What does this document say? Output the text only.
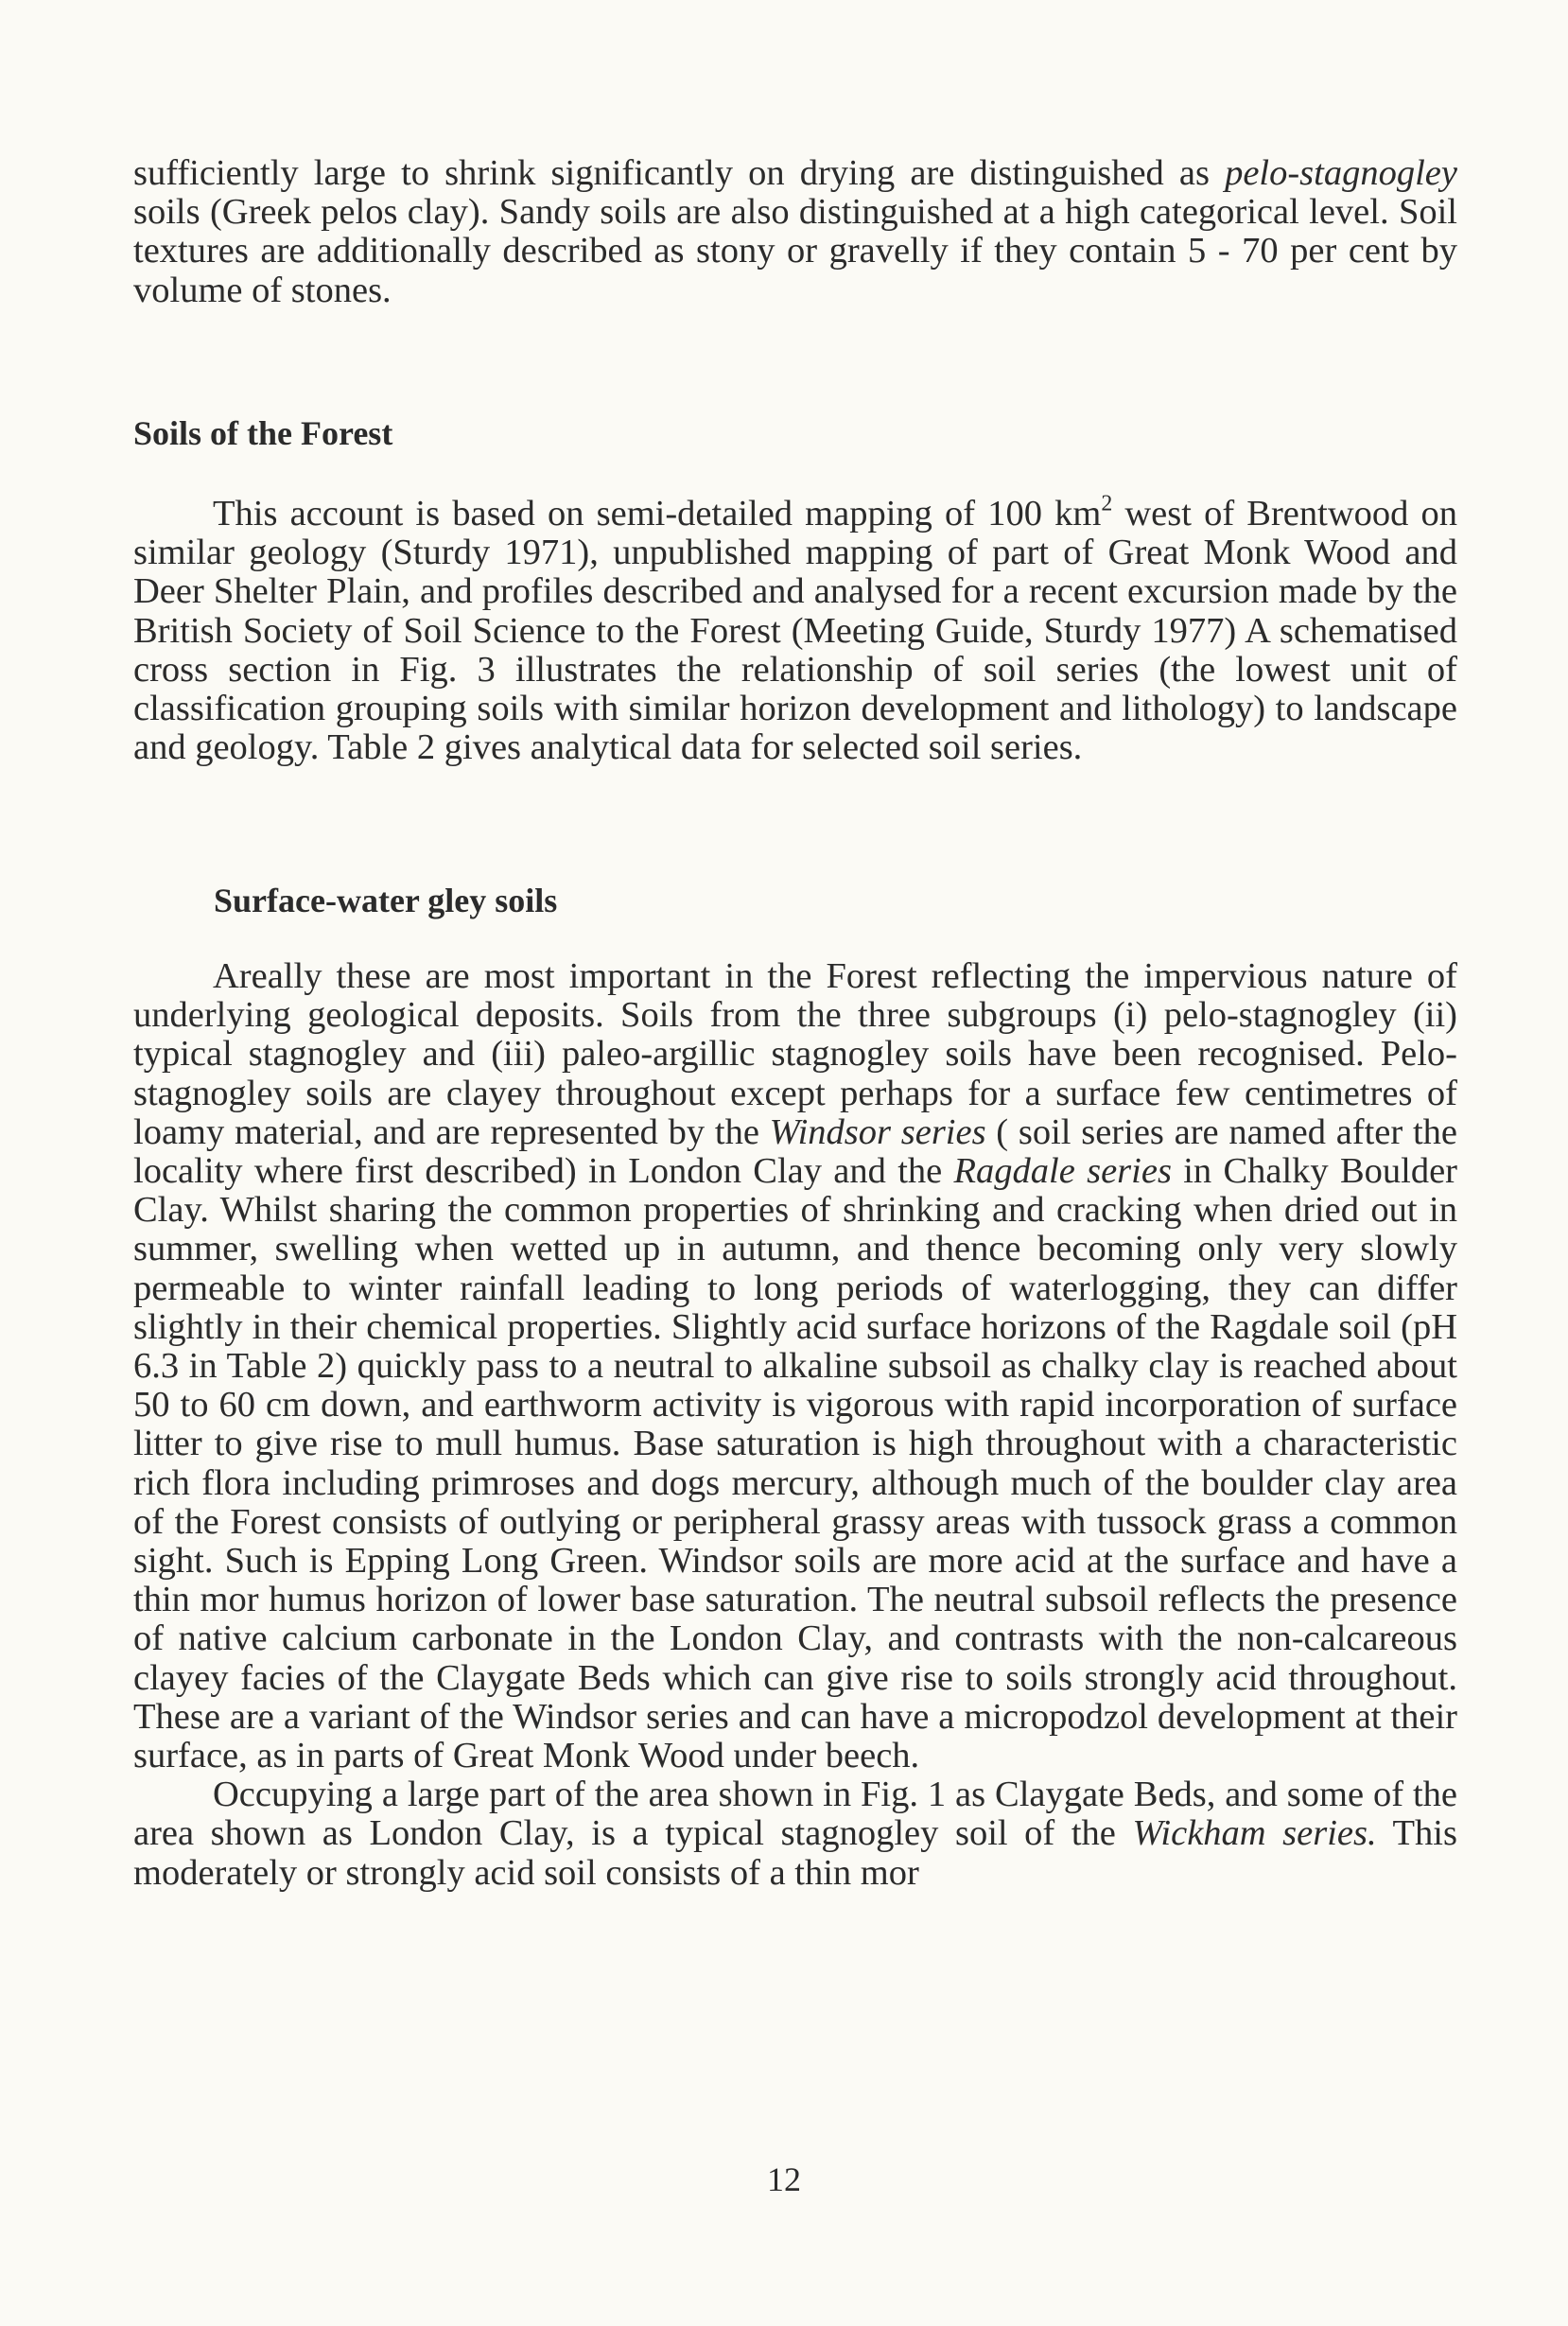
sufficiently large to shrink significantly on drying are distinguished as pelo-stagnogley soils (Greek pelos clay). Sandy soils are also distinguished at a high categorical level. Soil textures are additionally described as stony or gravelly if they contain 5 - 70 per cent by volume of stones.

Soils of the Forest

This account is based on semi-detailed mapping of 100 $km^2$ west of Brentwood on similar geology (Sturdy 1971), unpublished mapping of part of Great Monk Wood and Deer Shelter Plain, and profiles described and analysed for a recent excursion made by the British Society of Soil Science to the Forest (Meeting Guide, Sturdy 1977) A schematised cross section in Fig. 3 illustrates the relationship of soil series (the lowest unit of classification grouping soils with similar horizon development and lithology) to landscape and geology. Table 2 gives analytical data for selected soil series.

Surface-water gley soils

Areally these are most important in the Forest reflecting the impervious nature of underlying geological deposits. Soils from the three subgroups (i) pelo-stagnogley (ii) typical stagnogley and (iii) paleo-argillic stagnogley soils have been recognised. Pelo-stagnogley soils are clayey throughout except perhaps for a surface few centimetres of loamy material, and are represented by the Windsor series ( soil series are named after the locality where first described) in London Clay and the Ragdale series in Chalky Boulder Clay. Whilst sharing the common properties of shrinking and cracking when dried out in summer, swelling when wetted up in autumn, and thence becoming only very slowly permeable to winter rainfall leading to long periods of waterlogging, they can differ slightly in their chemical properties. Slightly acid surface horizons of the Ragdale soil (pH 6.3 in Table 2) quickly pass to a neutral to alkaline subsoil as chalky clay is reached about 50 to 60 cm down, and earthworm activity is vigorous with rapid incorporation of surface litter to give rise to mull humus. Base saturation is high throughout with a characteristic rich flora including primroses and dogs mercury, although much of the boulder clay area of the Forest consists of outlying or peripheral grassy areas with tussock grass a common sight. Such is Epping Long Green. Windsor soils are more acid at the surface and have a thin mor humus horizon of lower base saturation. The neutral subsoil reflects the presence of native calcium carbonate in the London Clay, and contrasts with the non-calcareous clayey facies of the Claygate Beds which can give rise to soils strongly acid throughout. These are a variant of the Windsor series and can have a micropodzol development at their surface, as in parts of Great Monk Wood under beech.

Occupying a large part of the area shown in Fig. 1 as Claygate Beds, and some of the area shown as London Clay, is a typical stagnogley soil of the Wickham series. This moderately or strongly acid soil consists of a thin mor

12
